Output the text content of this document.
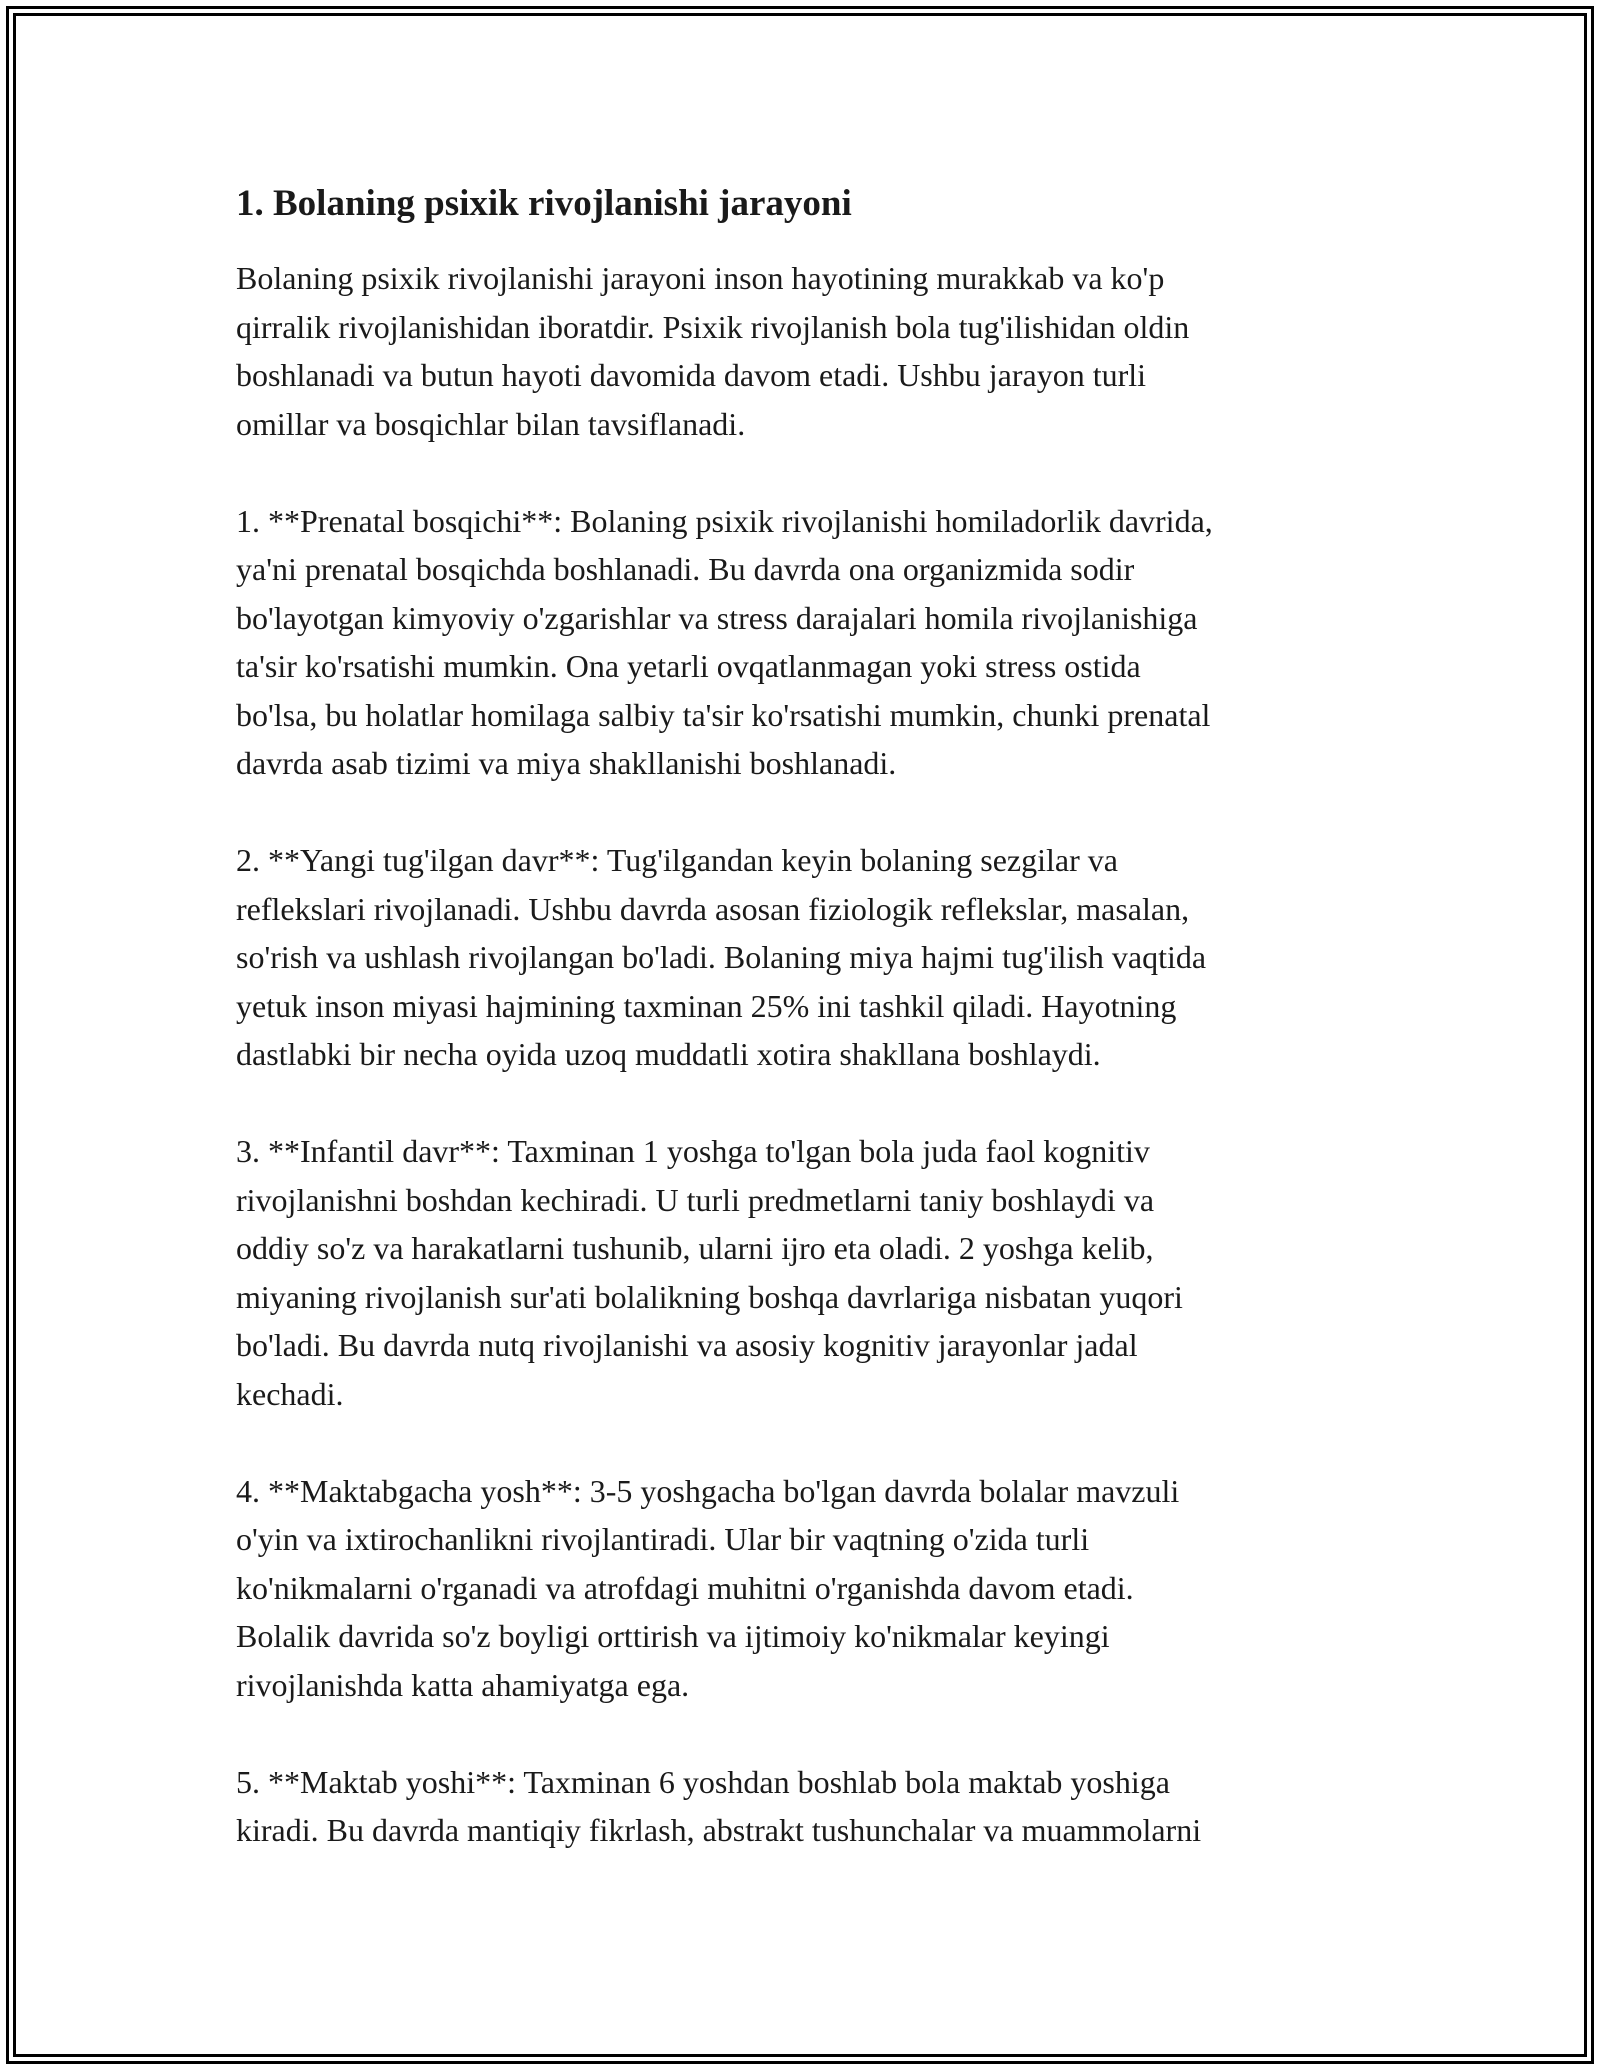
1. Bolaning psixik rivojlanishi jarayoni
Bolaning psixik rivojlanishi jarayoni inson hayotining murakkab va ko'p
qirralik rivojlanishidan iboratdir. Psixik rivojlanish bola tug'ilishidan oldin
boshlanadi va butun hayoti davomida davom etadi. Ushbu jarayon turli
omillar va bosqichlar bilan tavsiflanadi.
1. **Prenatal bosqichi**: Bolaning psixik rivojlanishi homiladorlik davrida,
ya'ni prenatal bosqichda boshlanadi. Bu davrda ona organizmida sodir
bo'layotgan kimyoviy o'zgarishlar va stress darajalari homila rivojlanishiga
ta'sir ko'rsatishi mumkin. Ona yetarli ovqatlanmagan yoki stress ostida
bo'lsa, bu holatlar homilaga salbiy ta'sir ko'rsatishi mumkin, chunki prenatal
davrda asab tizimi va miya shakllanishi boshlanadi.
2. **Yangi tug'ilgan davr**: Tug'ilgandan keyin bolaning sezgilar va
reflekslari rivojlanadi. Ushbu davrda asosan fiziologik reflekslar, masalan,
so'rish va ushlash rivojlangan bo'ladi. Bolaning miya hajmi tug'ilish vaqtida
yetuk inson miyasi hajmining taxminan 25% ini tashkil qiladi. Hayotning
dastlabki bir necha oyida uzoq muddatli xotira shakllana boshlaydi.
3. **Infantil davr**: Taxminan 1 yoshga to'lgan bola juda faol kognitiv
rivojlanishni boshdan kechiradi. U turli predmetlarni taniy boshlaydi va
oddiy so'z va harakatlarni tushunib, ularni ijro eta oladi. 2 yoshga kelib,
miyaning rivojlanish sur'ati bolalikning boshqa davrlariga nisbatan yuqori
bo'ladi. Bu davrda nutq rivojlanishi va asosiy kognitiv jarayonlar jadal
kechadi.
4. **Maktabgacha yosh**: 3-5 yoshgacha bo'lgan davrda bolalar mavzuli
o'yin va ixtirochanlikni rivojlantiradi. Ular bir vaqtning o'zida turli
ko'nikmalarni o'rganadi va atrofdagi muhitni o'rganishda davom etadi.
Bolalik davrida so'z boyligi orttirish va ijtimoiy ko'nikmalar keyingi
rivojlanishda katta ahamiyatga ega.
5. **Maktab yoshi**: Taxminan 6 yoshdan boshlab bola maktab yoshiga
kiradi. Bu davrda mantiqiy fikrlash, abstrakt tushunchalar va muammolarni
